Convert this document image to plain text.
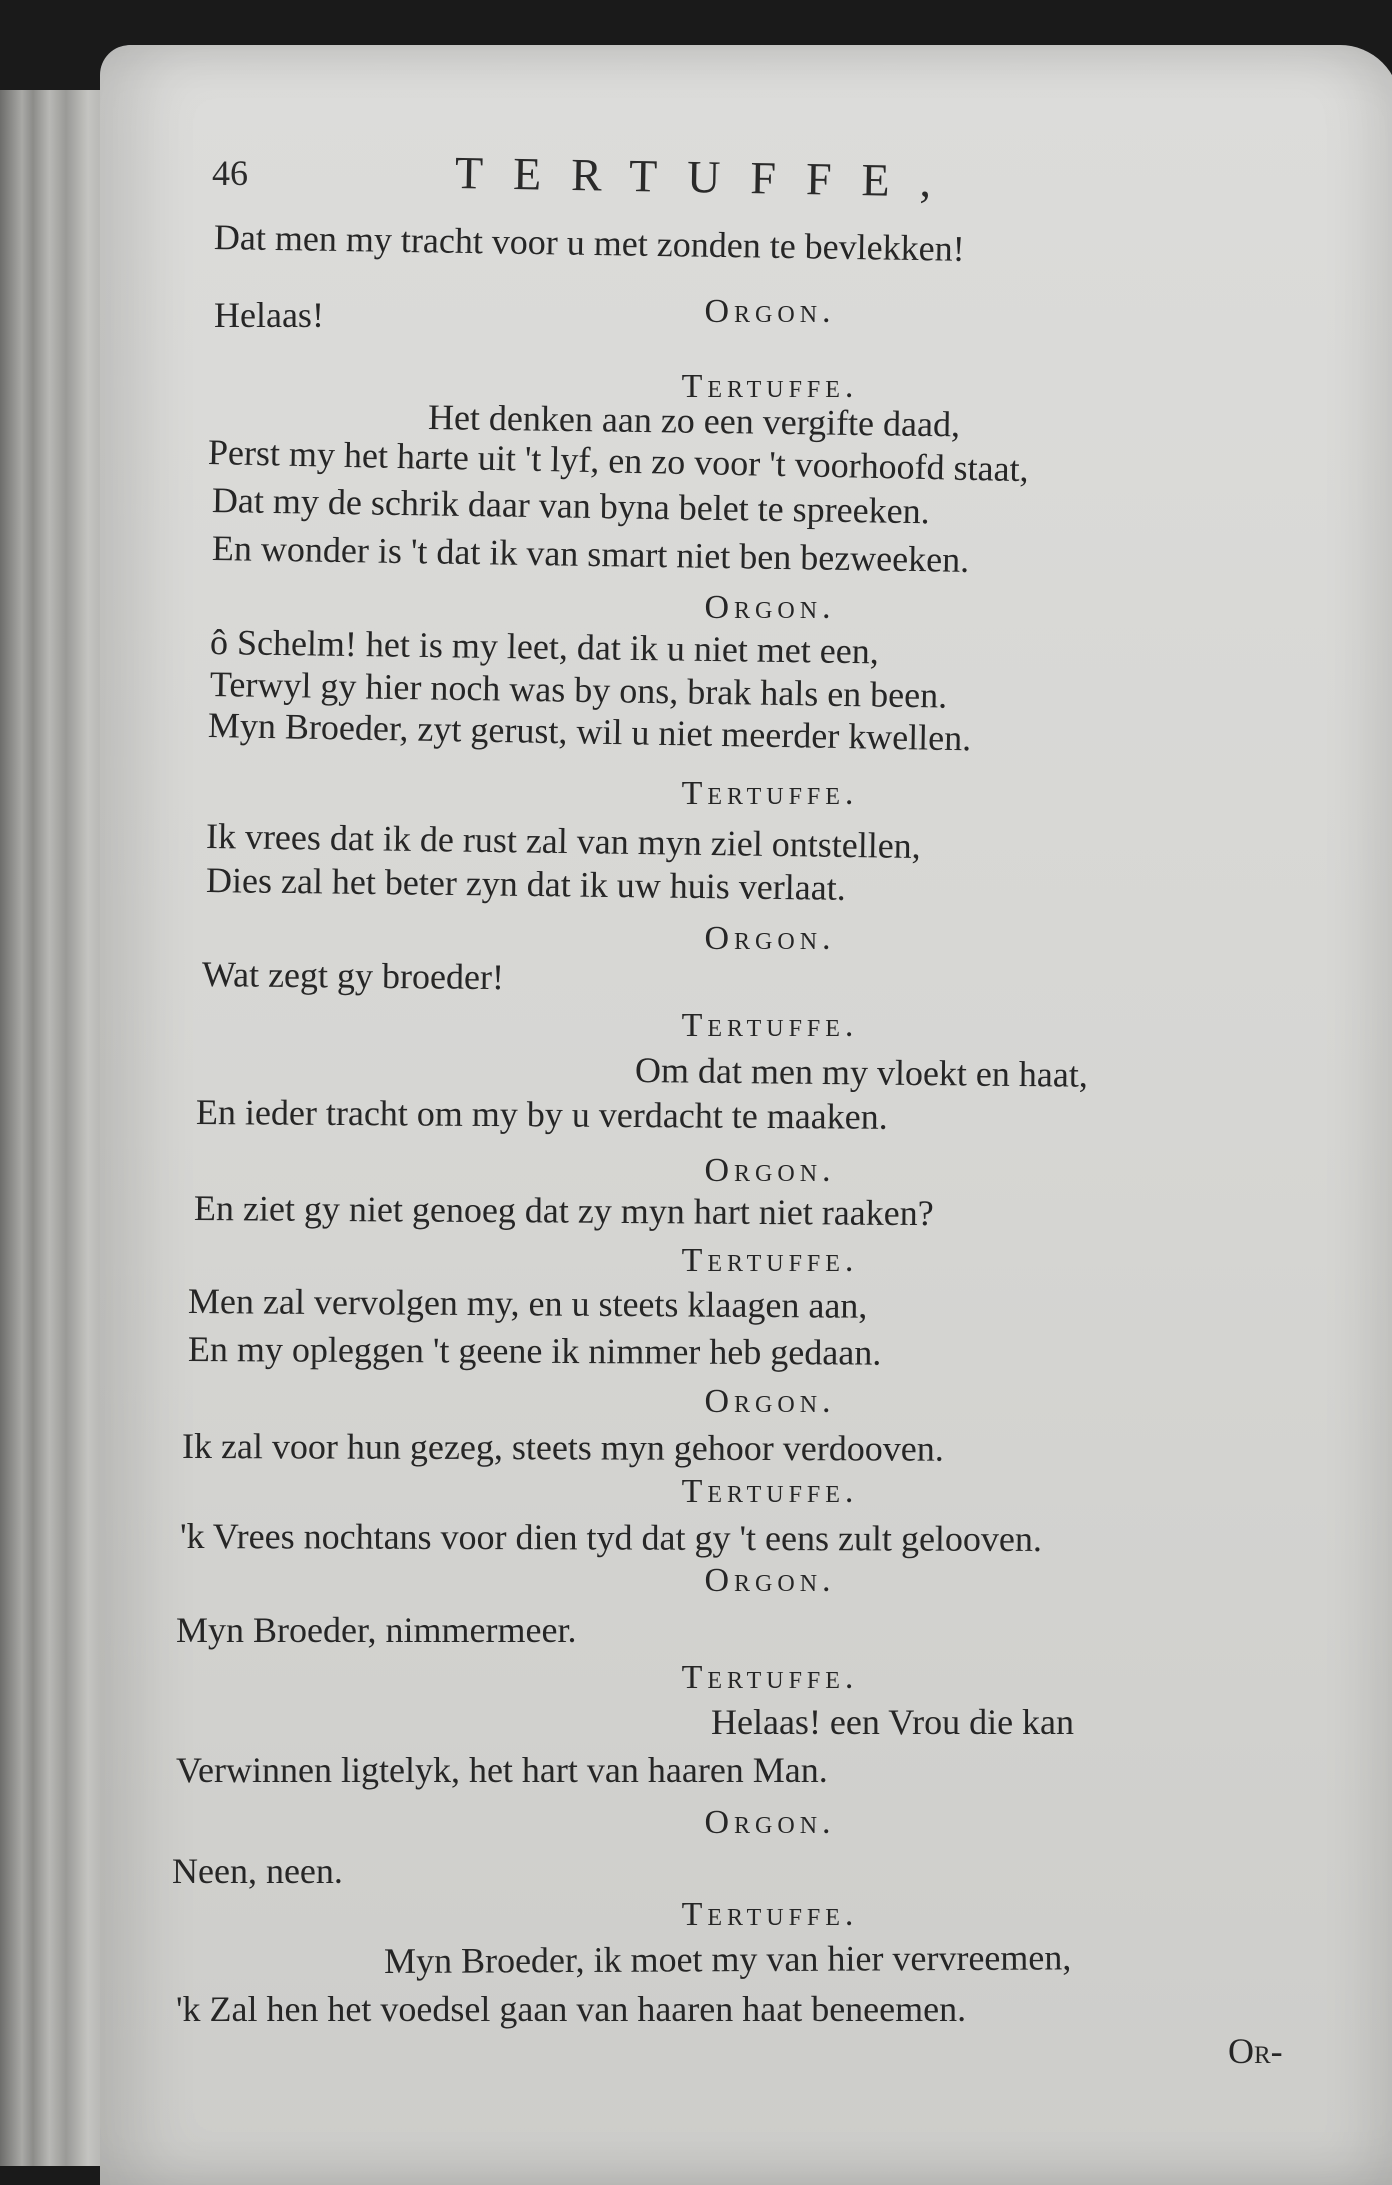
46	TERTUFFE,
Dat men my tracht voor u met zonden te bevlekken!
Helaas!	Orgon.
Tertuffe.
Het denken aan zo een vergifte daad,
Perst my het harte uit 't lyf, en zo voor 't voorhoofd staat,
Dat my de schrik daar van byna belet te spreeken.
En wonder is 't dat ik van smart niet ben bezweeken.
Orgon.
ô Schelm! het is my leet, dat ik u niet met een,
Terwyl gy hier noch was by ons, brak hals en been.
Myn Broeder, zyt gerust, wil u niet meerder kwellen.
Tertuffe.
Ik vrees dat ik de rust zal van myn ziel ontstellen,
Dies zal het beter zyn dat ik uw huis verlaat.
Orgon.
Wat zegt gy broeder!
Tertuffe.
Om dat men my vloekt en haat,
En ieder tracht om my by u verdacht te maaken.
Orgon.
En ziet gy niet genoeg dat zy myn hart niet raaken?
Tertuffe.
Men zal vervolgen my, en u steets klaagen aan,
En my opleggen 't geene ik nimmer heb gedaan.
Orgon.
Ik zal voor hun gezeg, steets myn gehoor verdooven.
Tertuffe.
'k Vrees nochtans voor dien tyd dat gy 't eens zult gelooven.
Orgon.
Myn Broeder, nimmermeer.
Tertuffe.
Helaas! een Vrou die kan
Verwinnen ligtelyk, het hart van haaren Man.
Orgon.
Neen, neen.
Tertuffe.
Myn Broeder, ik moet my van hier vervreemen,
'k Zal hen het voedsel gaan van haaren haat beneemen.
Or-
